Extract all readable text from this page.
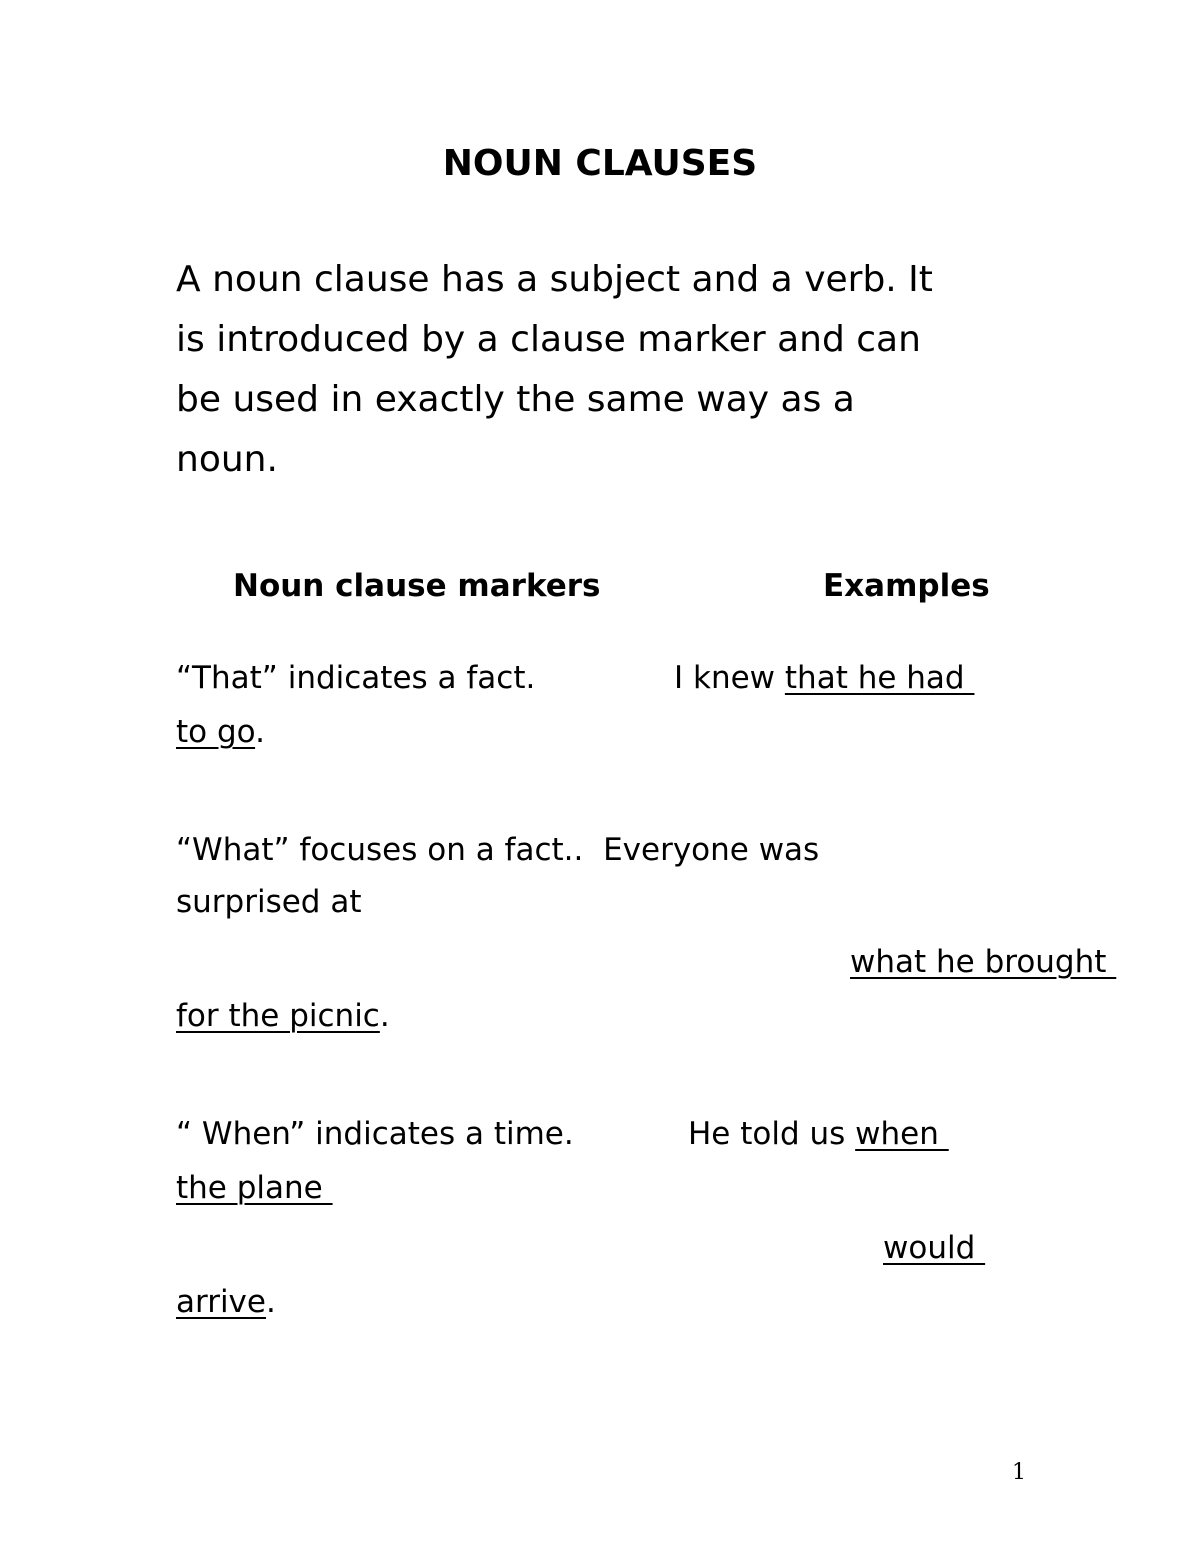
NOUN CLAUSES
A noun clause has a subject and a verb. It
is introduced by a clause marker and can
be used in exactly the same way as a
noun.
Noun clause markers	Examples
“That” indicates a fact.	I knew that he had
to go.
“What” focuses on a fact..  Everyone was
surprised at
what he brought
for the picnic.
“ When” indicates a time.	He told us when
the plane
would
arrive.
1
